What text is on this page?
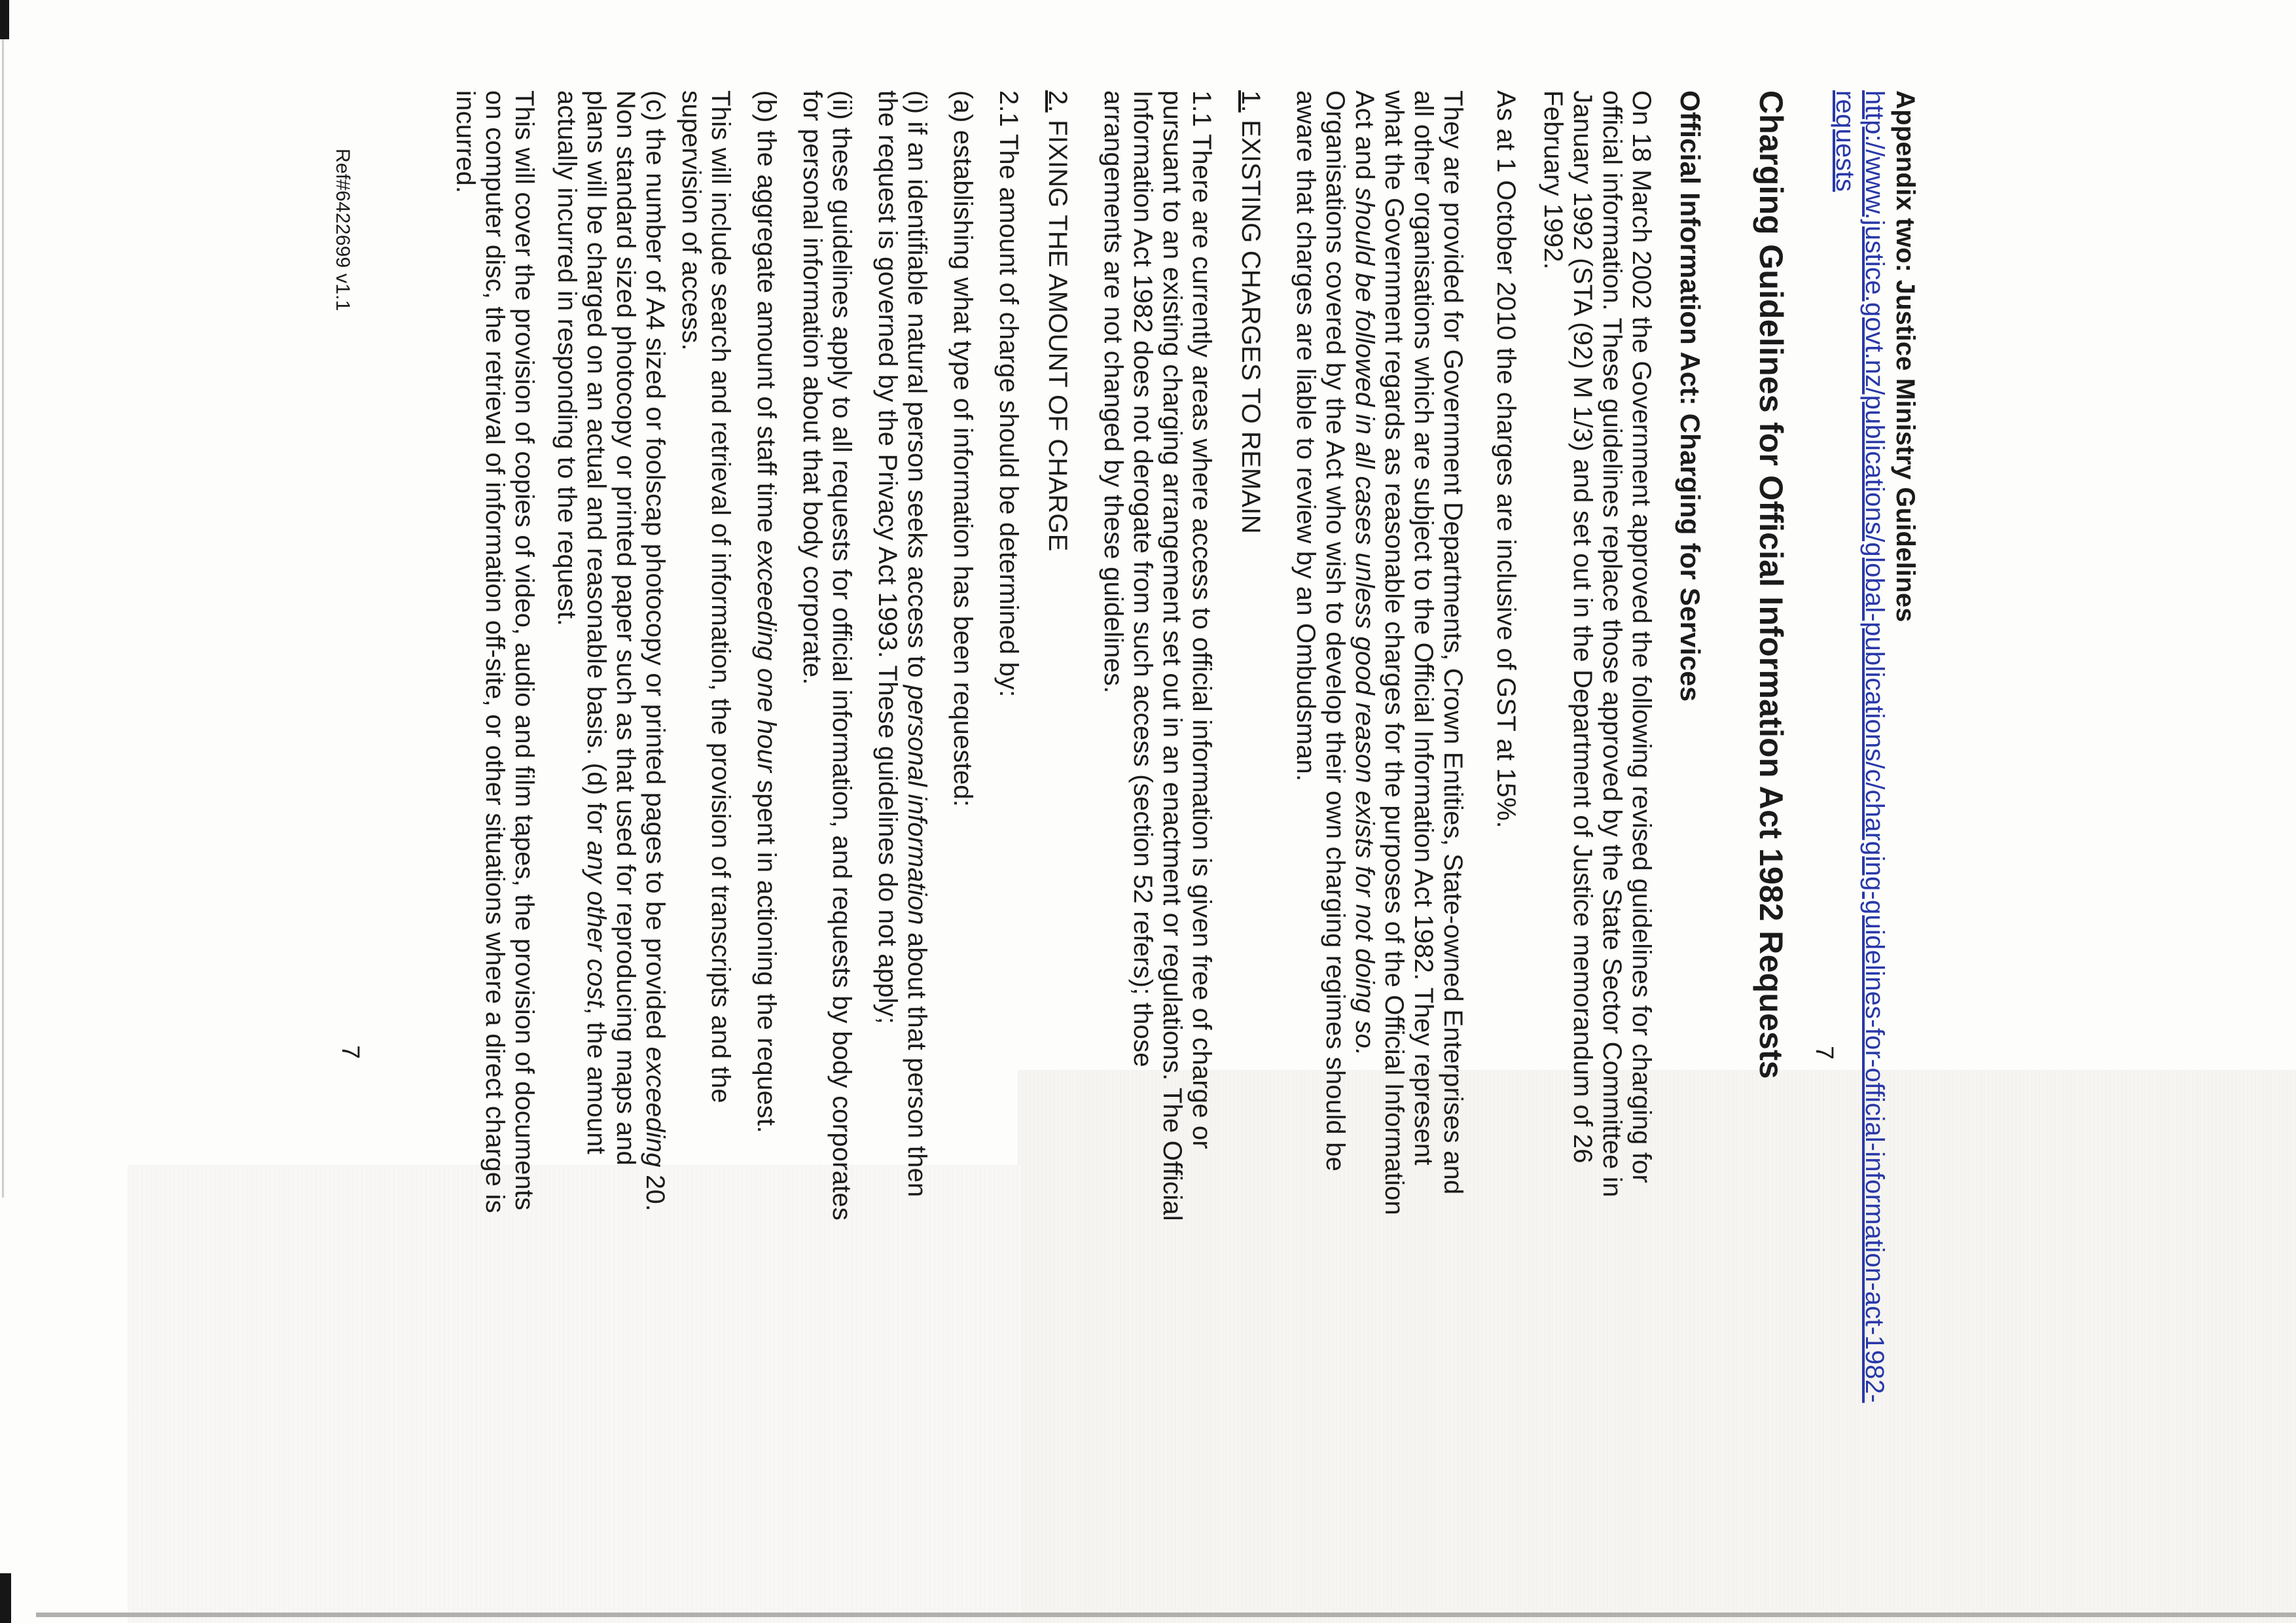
7
Appendix two: Justice Ministry Guidelines
http://www.justice.govt.nz/publications/global-publications/c/charging-guidelines-for-official-information-act-1982-
requests
Charging Guidelines for Official Information Act 1982 Requests
Official Information Act: Charging for Services
On 18 March 2002 the Government approved the following revised guidelines for charging for
official information. These guidelines replace those approved by the State Sector Committee in
January 1992 (STA (92) M 1/3) and set out in the Department of Justice memorandum of 26
February 1992.
As at 1 October 2010 the charges are inclusive of GST at 15%.
They are provided for Government Departments, Crown Entities, State-owned Enterprises and
all other organisations which are subject to the Official Information Act 1982. They represent
what the Government regards as reasonable charges for the purposes of the Official Information
Act and should be followed in all cases unless good reason exists for not doing so.
Organisations covered by the Act who wish to develop their own charging regimes should be
aware that charges are liable to review by an Ombudsman.
1. EXISTING CHARGES TO REMAIN
1.1 There are currently areas where access to official information is given free of charge or
pursuant to an existing charging arrangement set out in an enactment or regulations. The Official
Information Act 1982 does not derogate from such access (section 52 refers); those
arrangements are not changed by these guidelines.
2. FIXING THE AMOUNT OF CHARGE
2.1 The amount of charge should be determined by:
(a) establishing what type of information has been requested:
(i) if an identifiable natural person seeks access to personal information about that person then
the request is governed by the Privacy Act 1993. These guidelines do not apply;
(ii) these guidelines apply to all requests for official information, and requests by body corporates
for personal information about that body corporate.
(b) the aggregate amount of staff time exceeding one hour spent in actioning the request.
This will include search and retrieval of information, the provision of transcripts and the
supervision of access.
(c) the number of A4 sized or foolscap photocopy or printed pages to be provided exceeding 20.
Non standard sized photocopy or printed paper such as that used for reproducing maps and
plans will be charged on an actual and reasonable basis. (d) for any other cost, the amount
actually incurred in responding to the request.
This will cover the provision of copies of video, audio and film tapes, the provision of documents
on computer disc, the retrieval of information off-site, or other situations where a direct charge is
incurred.
Ref#6422699 v1.1
7
